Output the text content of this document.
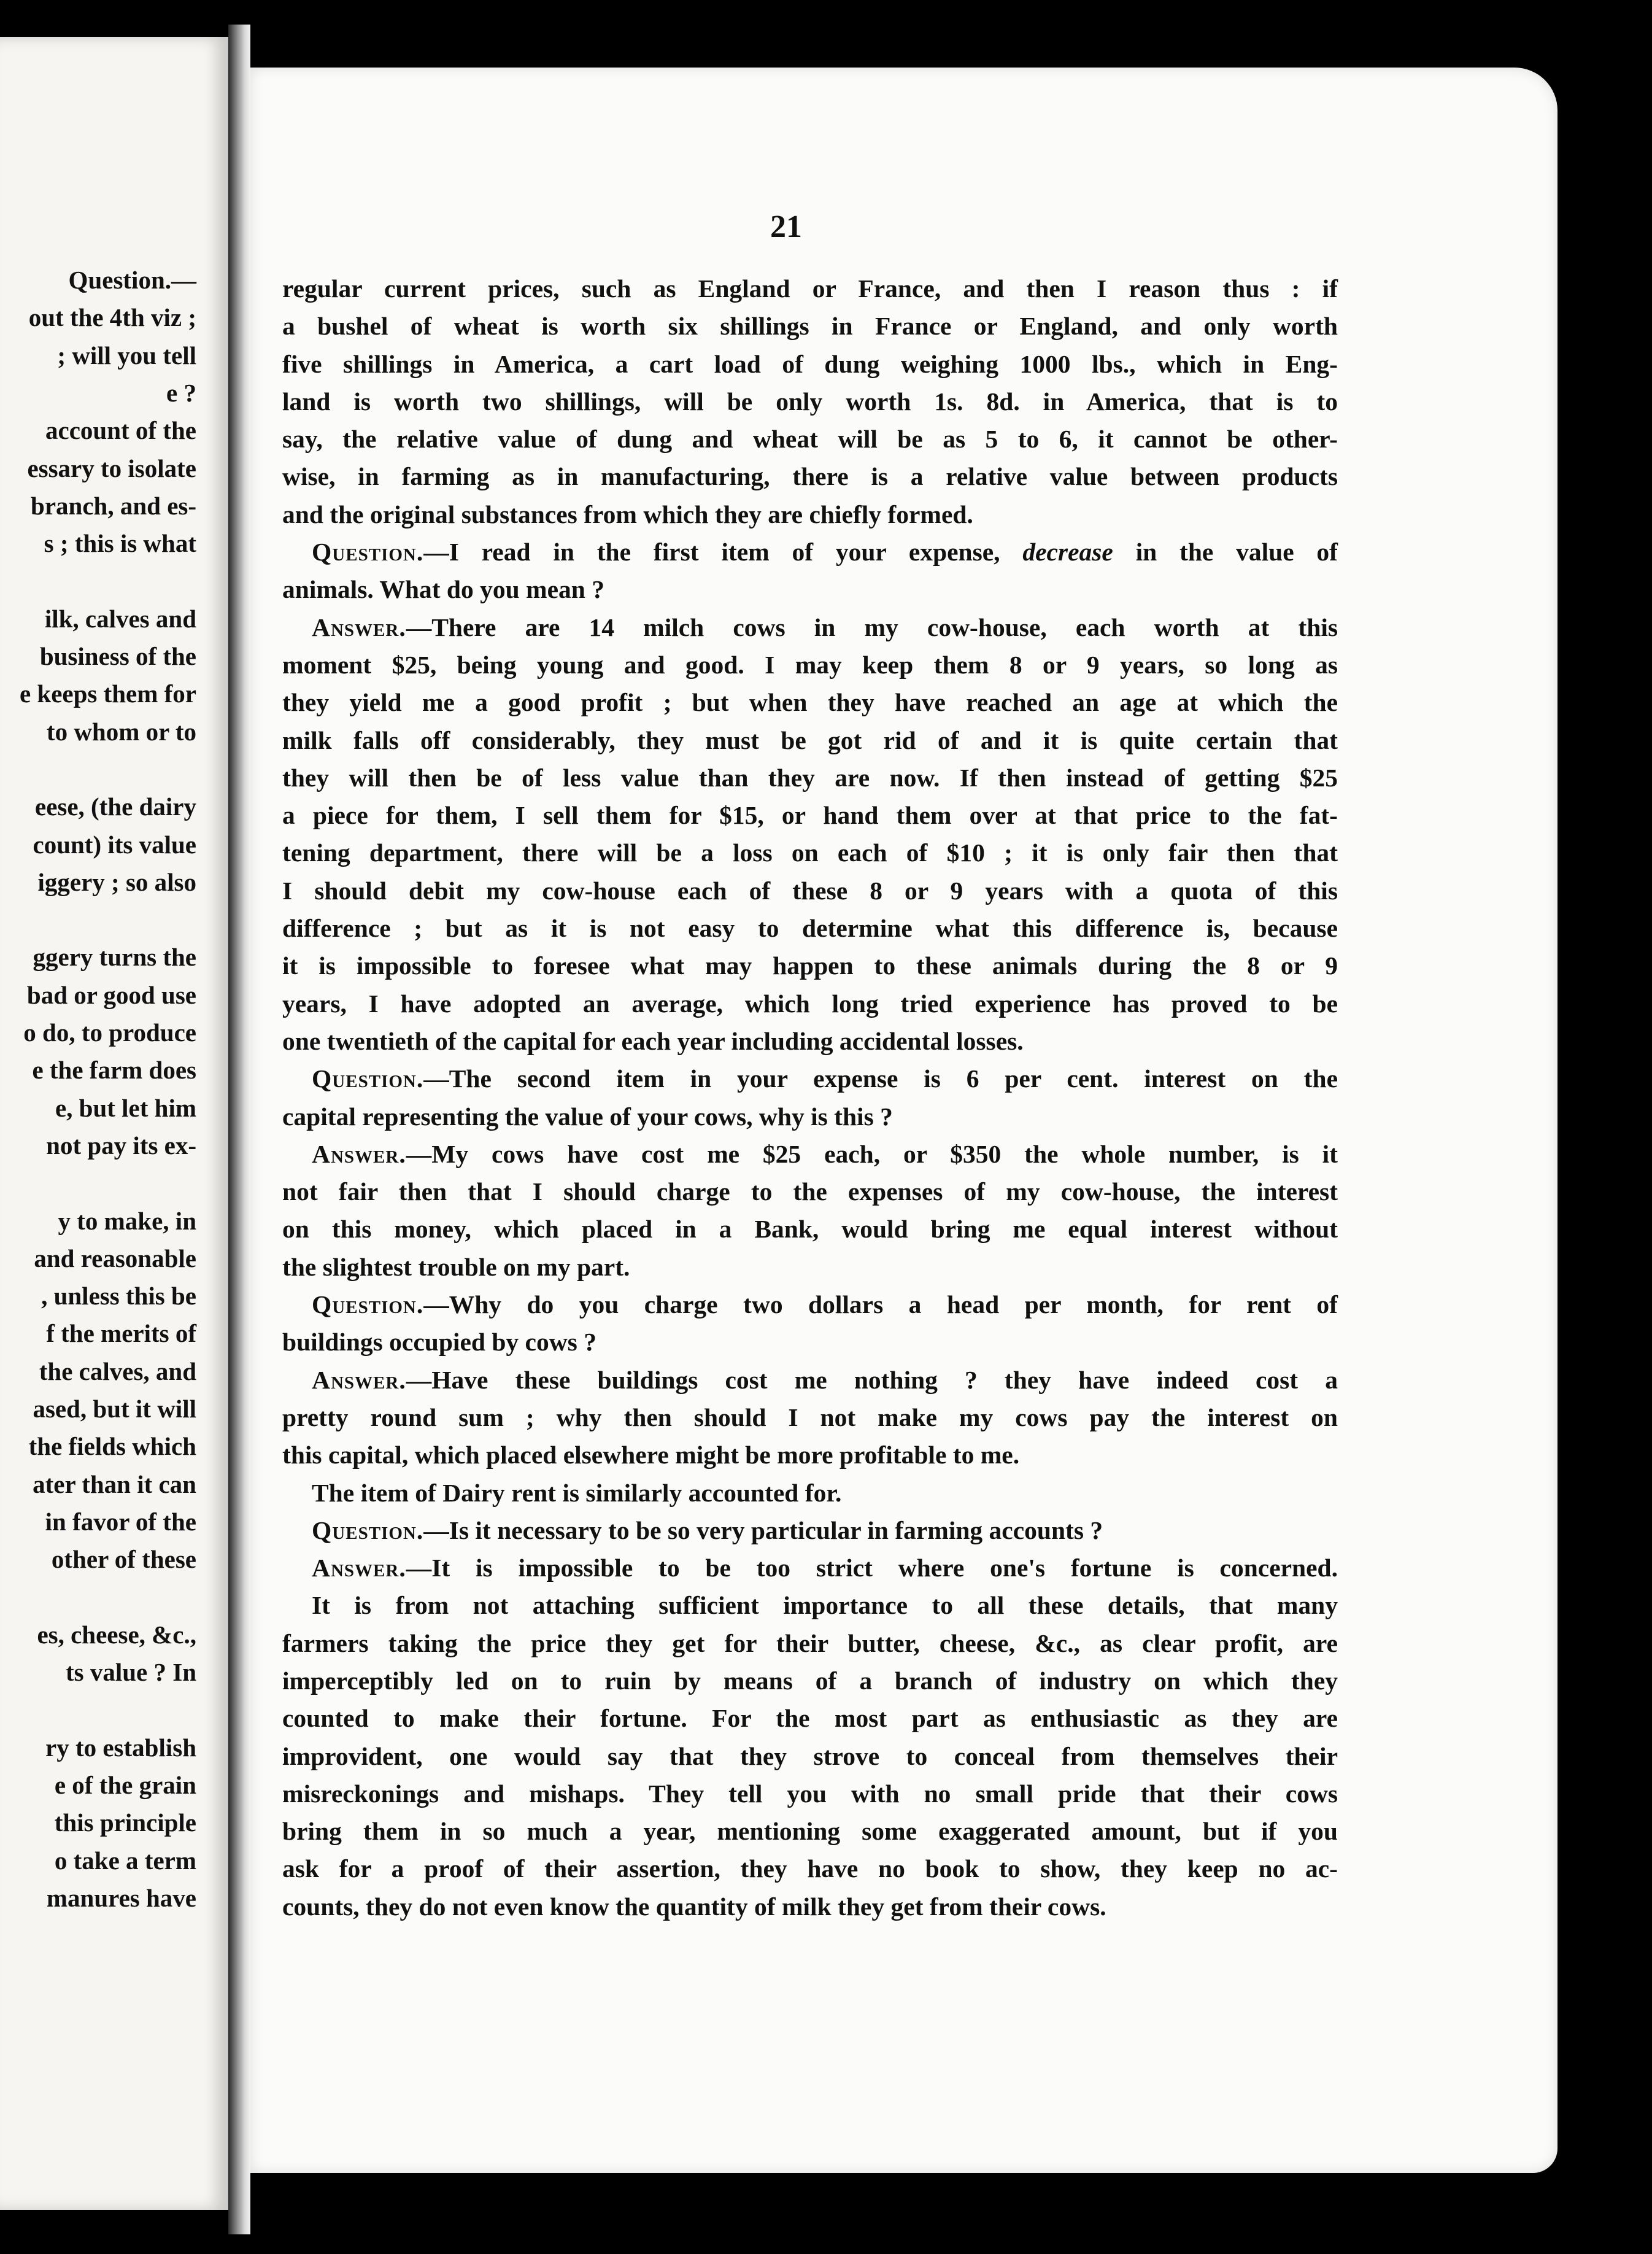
Question.—
out the 4th viz ;
; will you tell
e ?
account of the
essary to isolate
branch, and es-
s ; this is what
ilk, calves and
business of the
e keeps them for
to whom or to
eese, (the dairy
count) its value
iggery ; so also
ggery turns the
bad or good use
o do, to produce
e the farm does
e, but let him
not pay its ex-
y to make, in
and reasonable
, unless this be
f the merits of
the calves, and
ased, but it will
the fields which
ater than it can
in favor of the
other of these
es, cheese, &c.,
ts value ? In
ry to establish
e of the grain
this principle
o take a term
manures have
21
regular current prices, such as England or France, and then I reason thus : if
a bushel of wheat is worth six shillings in France or England, and only worth
five shillings in America, a cart load of dung weighing 1000 lbs., which in Eng-
land is worth two shillings, will be only worth 1s. 8d. in America, that is to
say, the relative value of dung and wheat will be as 5 to 6, it cannot be other-
wise, in farming as in manufacturing, there is a relative value between products
and the original substances from which they are chiefly formed.
Question.—I read in the first item of your expense, decrease in the value of
animals. What do you mean ?
Answer.—There are 14 milch cows in my cow-house, each worth at this
moment $25, being young and good. I may keep them 8 or 9 years, so long as
they yield me a good profit ; but when they have reached an age at which the
milk falls off considerably, they must be got rid of and it is quite certain that
they will then be of less value than they are now. If then instead of getting $25
a piece for them, I sell them for $15, or hand them over at that price to the fat-
tening department, there will be a loss on each of $10 ; it is only fair then that
I should debit my cow-house each of these 8 or 9 years with a quota of this
difference ; but as it is not easy to determine what this difference is, because
it is impossible to foresee what may happen to these animals during the 8 or 9
years, I have adopted an average, which long tried experience has proved to be
one twentieth of the capital for each year including accidental losses.
Question.—The second item in your expense is 6 per cent. interest on the
capital representing the value of your cows, why is this ?
Answer.—My cows have cost me $25 each, or $350 the whole number, is it
not fair then that I should charge to the expenses of my cow-house, the interest
on this money, which placed in a Bank, would bring me equal interest without
the slightest trouble on my part.
Question.—Why do you charge two dollars a head per month, for rent of
buildings occupied by cows ?
Answer.—Have these buildings cost me nothing ? they have indeed cost a
pretty round sum ; why then should I not make my cows pay the interest on
this capital, which placed elsewhere might be more profitable to me.
The item of Dairy rent is similarly accounted for.
Question.—Is it necessary to be so very particular in farming accounts ?
Answer.—It is impossible to be too strict where one's fortune is concerned.
It is from not attaching sufficient importance to all these details, that many
farmers taking the price they get for their butter, cheese, &c., as clear profit, are
imperceptibly led on to ruin by means of a branch of industry on which they
counted to make their fortune. For the most part as enthusiastic as they are
improvident, one would say that they strove to conceal from themselves their
misreckonings and mishaps. They tell you with no small pride that their cows
bring them in so much a year, mentioning some exaggerated amount, but if you
ask for a proof of their assertion, they have no book to show, they keep no ac-
counts, they do not even know the quantity of milk they get from their cows.
